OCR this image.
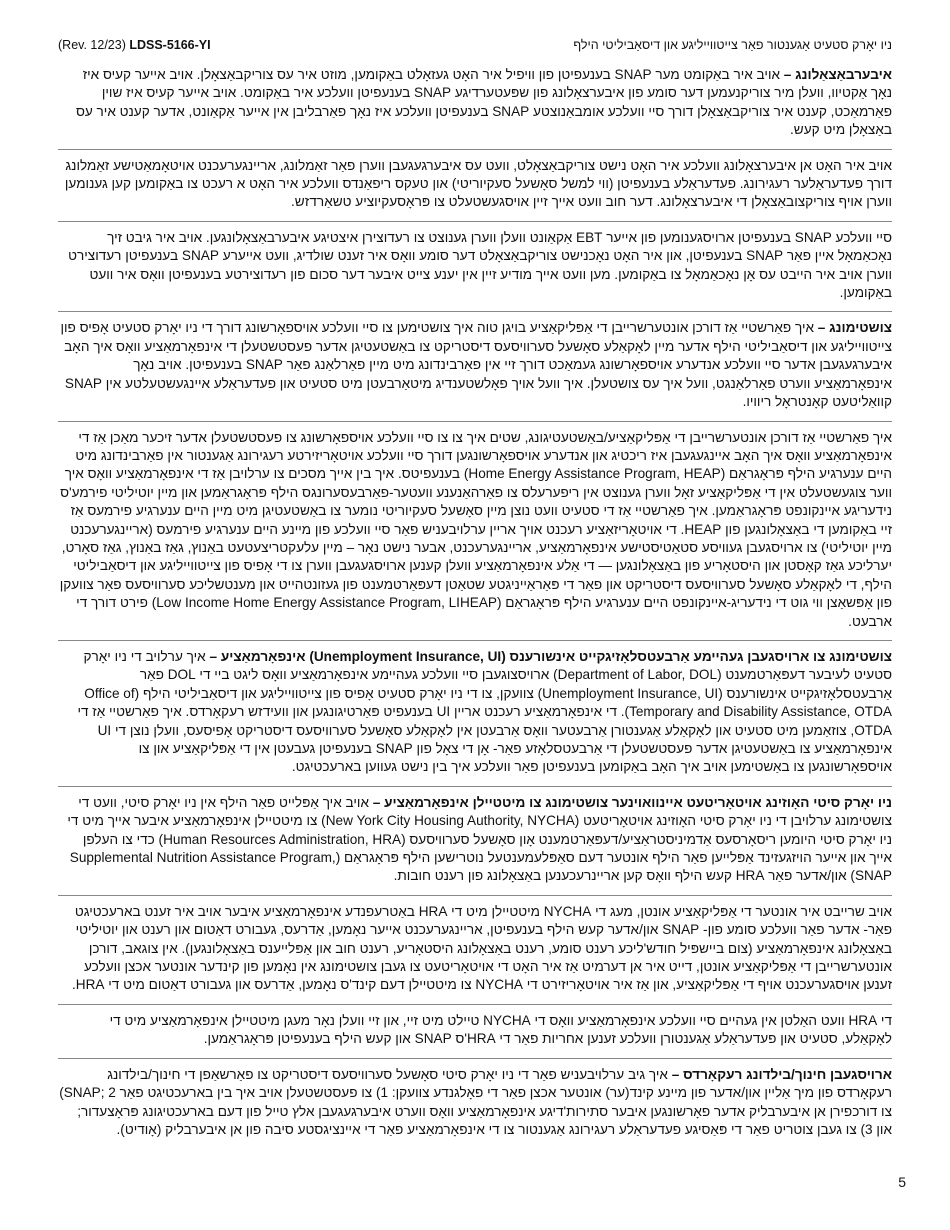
(Rev. 12/23) LDSS-5166-YI	ניו יאָרק סטעיט אַגענטור פאַר צייטווייליגע און דיסאַביליטי הילף

איבערבאַצאַלונג – אויב איר באַקומט מער SNAP בענעפיטן פון וויפיל איר האָט געזאָלט באַקומען, מוזט איר עס צוריקבאַצאָלן. אויב אייער קעיס איז נאָך אַקטיוו, וועלן מיר צוריקנעמען דער סומע פון איבערצאָלונג פון שפּעטערדיגע SNAP בענעפיטן וועלכע איר באַקומט. אויב אייער קעיס איז שוין פאַרמאַכט, קענט איר צוריקבאַצאָלן דורך סיי וועלכע אומבאַנוצטע SNAP בענעפיטן וועלכע איז נאָך פאַרבליבן אין אייער אַקאַונט, אדער קענט איר עס באַצאָלן מיט קעש.

אויב איר האָט אן איבערצאָלונג וועלכע איר האָט נישט צוריקבאַצאָלט, וועט עס איבערגעגעבן ווערן פאַר זאַמלונג, אריינגערעכנט אויטאָמאַטישע זאַמלונג דורך פעדעראַלער רעגירונג. פעדעראַלע בענעפיטן (ווי למשל סאָשעל סעקיוריטי) און טעקס ריפאַנדס וועלכע איר האָט א רעכט צו באַקומען קען גענומען ווערן אויף צוריקצובאַצאָלן די איבערצאָלונג. דער חוב וועט אייך זיין אויסגעשטעלט צו פּראָסעקיוציע טשאַרדזש.

סיי וועלכע SNAP בענעפיטן ארויסגענומען פון אייער EBT אַקאַונט וועלן ווערן גענוצט צו רעדוצירן איצטיגע איבערבאַצאָלונגען. אויב איר גיבט זיך נאָכאַמאָל איין פאַר SNAP בענעפיטן, און איר האָט נאָכנישט צוריקבאַצאָלט דער סומע וואָס איר זענט שולדיג, וועט אייערע SNAP בענעפיטן רעדוצירט ווערן אויב איר הייבט עס אָן נאָכאַמאָל צו באַקומען. מען וועט אייך מודיע זיין אין יענע צייט איבער דער סכום פון רעדוצירטע בענעפיטן וואָס איר וועט באַקומען.

צושטימונג – איך פאַרשטיי אַז דורכן אונטערשרייבן די אַפּליקאַציע בויגן טוה איך צושטימען צו סיי וועלכע אויספאָרשונג דורך די ניו יאָרק סטעיט אָפיס פון צייטווייליגע און דיסאַביליטי הילף אדער מיין לאָקאַלע סאָשעל סערוויסעס דיסטריקט צו באַשטעטיגן אדער פעסטשטעלן די אינפאָרמאַציע וואָס איך האָב איבערגעגעבן אדער סיי וועלכע אנדערע אויספאָרשונג געמאַכט דורך זיי אין פאַרבינדונג מיט מיין פאַרלאַנג פאַר SNAP בענעפיטן. אויב נאָך אינפאָרמאַציע ווערט פאַרלאַנגט, וועל איך עס צושטעלן. איך וועל אויך פאָלשטענדיג מיטאַרבעטן מיט סטעיט און פעדעראַלע איינגעשטעלטע אין SNAP קוואַליטעט קאָנטראָל ריוויו.

איך פאַרשטיי אַז דורכן אונטערשרייבן די אַפּליקאַציע/באַשטעטיגונג, שטים איך צו צו סיי וועלכע אויספאָרשונג צו פעסטשטעלן אדער זיכער מאַכן אַז די אינפאָרמאַציע וואָס איך האָב איינגעגעבן איז ריכטיג און אנדערע אויספאָרשונגען דורך סיי וועלכע אויטאָריזירטע רעגירונג אַגענטור אין פאַרבינדונג מיט היים ענערגיע הילף פּראָגראַם (Home Energy Assistance Program, HEAP) בענעפיטס. איך בין אייך מסכים צו ערלויבן אַז די אינפאָרמאַציע וואָס איך ווער צוגעשטעלט אין די אַפּליקאַציע זאָל ווערן גענוצט אין ריפערעלס צו פאַרהאַנענע וועטער-פאַרבעסערונגס הילף פּראָגראַמען און מיין יוטיליטי פירמע'ס נידעריגע איינקונפט פּראָגראַמען. איך פאַרשטיי אַז די סטעיט וועט נוצן מיין סאָשעל סעקיוריטי נומער צו באַשטעטיגן מיט מיין היים ענערגיע פירמעס אַז זיי באַקומען די באַצאָלונגען פון HEAP. די אויטאָריזאַציע רעכנט אויך אריין ערלויבעניש פאַר סיי וועלכע פון מיינע היים ענערגיע פירמעס (אריינגערעכנט מיין יוטיליטי) צו ארויסגעבן געוויסע סטאַטיסטישע אינפאָרמאַציע, אריינגערעכנט, אבער נישט נאָר – מיין עלעקטריצעטעט באַנוץ, גאַז באַנוץ, גאַז סאָרט, יערליכע גאַז קאָסטן און היסטאָריע פון באַצאָלונגען — די אַלע אינפאָרמאַציע וועלן קענען ארויסגעגעבן ווערן צו די אָפיס פון צייטווייליגע און דיסאַביליטי הילף, די לאָקאַלע סאָשעל סערוויסעס דיסטריקט און פאַר די פּאַראַייניגטע שטאַטן דעפּאַרטמענט פון געזונטהייט און מענטשליכע סערוויסעס פאַר צוועקן פון אָפּשאַצן ווי גוט די נידעריג-איינקונפט היים ענערגיע הילף פּראָגראַם (Low Income Home Energy Assistance Program, LIHEAP) פירט דורך די ארבעט.

צושטימונג צו ארויסגעבן געהיימע אַרבעטסלאָזיגקייט אינשורענס (Unemployment Insurance, UI) אינפאָרמאַציע – איך ערלויב די ניו יאָרק סטעיט לעיבער דעפּאַרטמענט (Department of Labor, DOL) ארויסצוגעבן סיי וועלכע געהיימע אינפאָרמאַציע וואָס ליגט ביי די DOL פאַר אַרבעטסלאָזיגקייט אינשורענס (Unemployment Insurance, UI) צוועקן, צו די ניו יאָרק סטעיט אָפיס פון צייטווייליגע און דיסאַביליטי הילף (Office of Temporary and Disability Assistance, OTDA). די אינפאָרמאַציע רעכנט אריין UI בענעפיט פּאַרטיגונגען און וועידזש רעקאָרדס. איך פאַרשטיי אַז די OTDA, צוזאַמען מיט סטעיט און לאָקאַלע אַגענטורן אַרבעטער וואָס אַרבעטן אין לאָקאַלע סאָשעל סערוויסעס דיסטריקט אָפיסעס, וועלן נוצן די UI אינפאָרמאַציע צו באַשטעטיגן אדער פעסטשטעלן די אַרבעטסלאָזע פאַר- אָן די צאָל פון SNAP בענעפיטן געבעטן אין די אַפּליקאַציע און צו אויספאָרשונגען צו באַשטימען אויב איך האָב באַקומען בענעפיטן פאַר וועלכע איך בין נישט געווען בארעכטיגט.

ניו יאָרק סיטי האָוזינג אויטאָריטעט איינוואוינער צושטימונג צו מיטטיילן אינפאָרמאַציע – אויב איך אַפּלייט פאַר הילף אין ניו יאָרק סיטי, וועט די צושטימונג ערלויבן די ניו יאָרק סיטי האָוזינג אויטאָריטעט (New York City Housing Authority, NYCHA) צו מיטטיילן אינפאָרמאַציע איבער אייך מיט די ניו יאָרק סיטי היומען ריסאָרסעס אַדמיניסטראַציע/דעפּאַרטמענט אָון סאָשעל סערוויסעס (Human Resources Administration, HRA) כדי צו העלפן אייך און אייער הויזגעזינד אַפּלייען פאַר הילף אונטער דעם סאַפּלעמענטעל נוטרישען הילף פּראָגראַם (Supplemental Nutrition Assistance Program, SNAP) און/אדער פאַר HRA קעש הילף וואָס קען אריינרעכענען באַצאָלונג פון רענט חובות.

אויב שרייבט איר אונטער די אַפּליקאַציע אונטן, מעג די NYCHA מיטטיילן מיט די HRA באַטרעפנדע אינפאָרמאַציע איבער אויב איר זענט בארעכטיגט פאַר- אדער פאַר וועלכע סומע פון- SNAP און/אדער קעש הילף בענעפיטן, אריינגערעכנט אייער נאָמען, אַדרעס, געבורט דאַטום און רענט און יוטיליטי באַצאָלונג אינפאָרמאַציע (צום ביישפּיל חודש'ליכע רענט סומע, רענט באַצאָלונג היסטאָריע, רענט חוב און אַפּלייענס באַצאָלונגען). אין צוגאב, דורכן אונטערשרייבן די אַפּליקאַציע אונטן, דייט איר אן דערמיט אַז איר האָט די אויטאָריטעט צו געבן צושטימונג אין נאָמען פון קינדער אונטער אכצן וועלכע זענען אויסגערעכנט אויף די אַפּליקאַציע, און אַז איר אויטאָריזירט די NYCHA צו מיטטיילן דעם קינד'ס נאָמען, אַדרעס און געבורט דאַטום מיט די HRA.

די HRA וועט האַלטן אין געהיים סיי וועלכע אינפאָרמאַציע וואָס די NYCHA טיילט מיט זיי, און זיי וועלן נאָר מעגן מיטטיילן אינפאָרמאַציע מיט די לאָקאַלע, סטעיט און פעדעראַלע אַגענטורן וועלכע זענען אחריות פאַר די HRA'ס SNAP און קעש הילף בענעפיטן פּראָגראַמען.

ארויסגעבן חינוך/בילדונג רעקאָרדס – איך גיב ערלויבעניש פאַר די ניו יאָרק סיטי סאָשעל סערוויסעס דיסטריקט צו פאַרשאַפן די חינוך/בילדונג רעקאָרדס פון מיך אַליין און/אדער פון מיינע קינד(ער) אונטער אכצן פאַר די פאָלגנדע צוועקן: 1) צו פעסטשטעלן אויב איך בין בארעכטיגט פאַר SNAP; 2) צו דורכפירן אן איבערבליק אדער פאָרשונגען איבער סתירות'דיגע אינפאָרמאַציע וואָס ווערט איבערגעגעבן אלץ טייל פון דעם בארעכטיגונג פּראָצעדור; און 3) צו געבן צוטריט פאַר די פּאַסיגע פעדעראַלע רעגירונג אַגענטור צו די אינפאָרמאַציע פאַר די איינציגסטע סיבה פון אן איבערבליק (אָודיט).

5
